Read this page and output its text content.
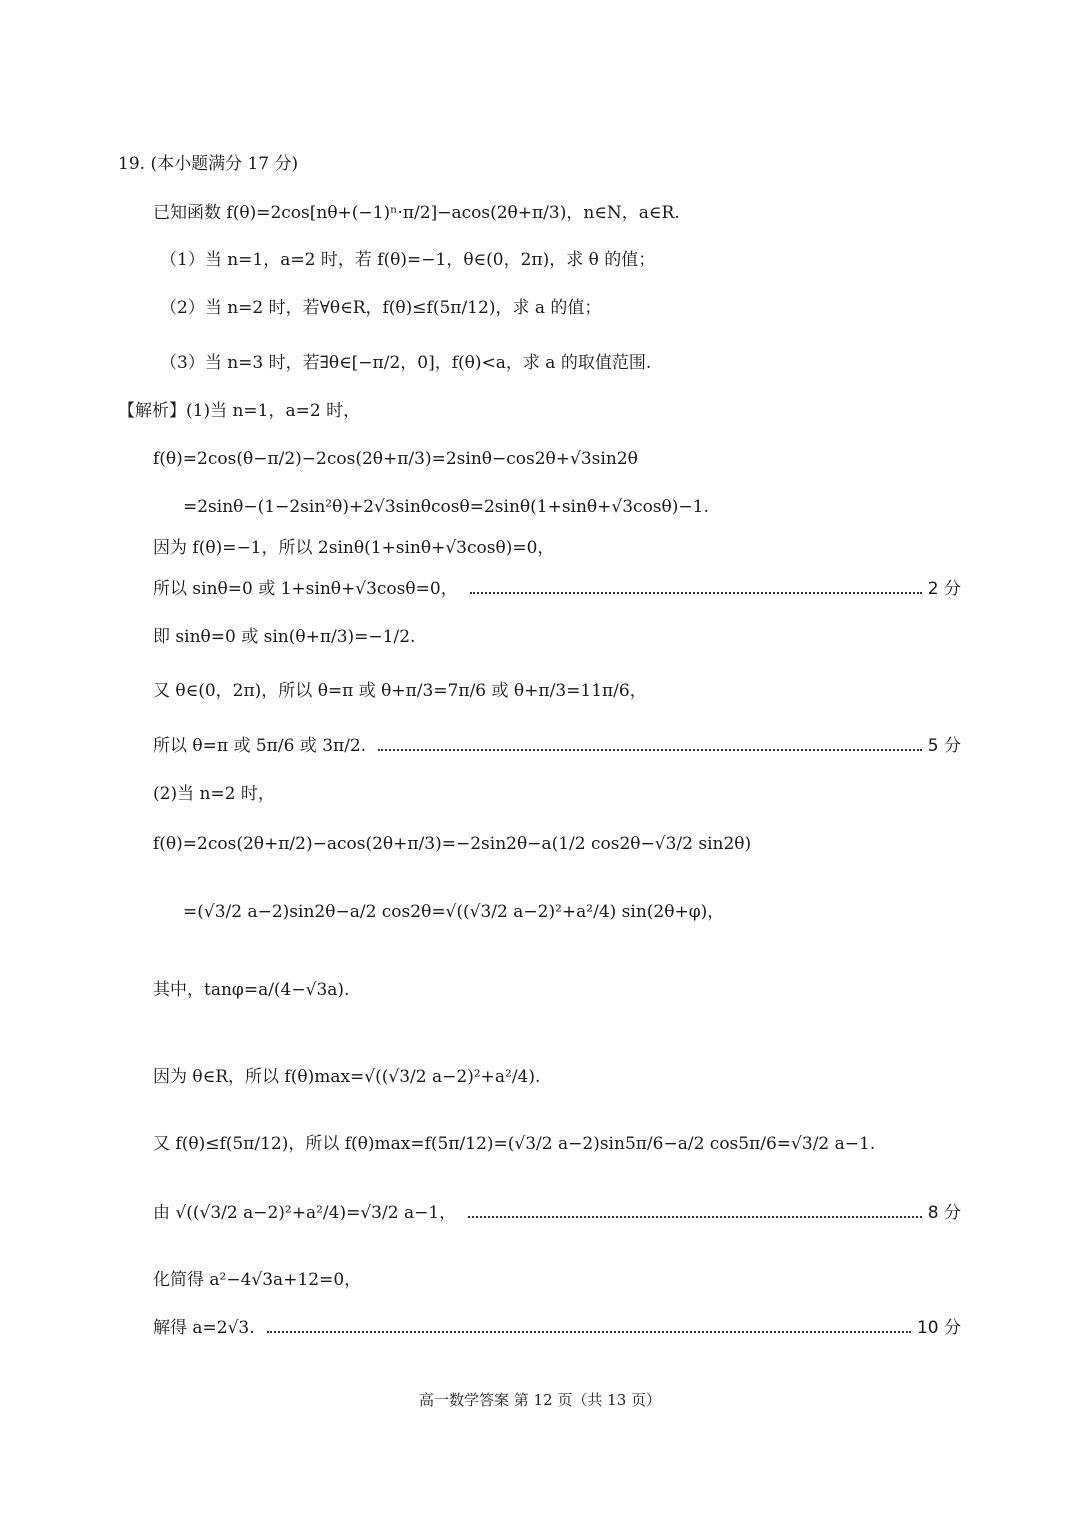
19. (本小题满分 17 分)
已知函数 f(θ)=2cos[nθ+(−1)ⁿ·π/2]−acos(2θ+π/3)，n∈N，a∈R.
（1）当 n=1，a=2 时，若 f(θ)=−1，θ∈(0，2π)，求 θ 的值；
（2）当 n=2 时，若∀θ∈R，f(θ)≤f(5π/12)，求 a 的值；
（3）当 n=3 时，若∃θ∈[−π/2，0]，f(θ)<a，求 a 的取值范围.
【解析】(1)当 n=1，a=2 时，
f(θ)=2cos(θ−π/2)−2cos(2θ+π/3)=2sinθ−cos2θ+√3sin2θ
=2sinθ−(1−2sin²θ)+2√3sinθcosθ=2sinθ(1+sinθ+√3cosθ)−1.
因为 f(θ)=−1，所以 2sinθ(1+sinθ+√3cosθ)=0，
所以 sinθ=0 或 1+sinθ+√3cosθ=0，	2 分
即 sinθ=0 或 sin(θ+π/3)=−1/2.
又 θ∈(0，2π)，所以 θ=π 或 θ+π/3=7π/6 或 θ+π/3=11π/6，
所以 θ=π 或 5π/6 或 3π/2.	5 分
(2)当 n=2 时，
f(θ)=2cos(2θ+π/2)−acos(2θ+π/3)=−2sin2θ−a(1/2 cos2θ−√3/2 sin2θ)
=(√3/2 a−2)sin2θ−a/2 cos2θ=√((√3/2 a−2)²+a²/4) sin(2θ+φ)，
其中，tanφ=a/(4−√3a).
因为 θ∈R，所以 f(θ)max=√((√3/2 a−2)²+a²/4).
又 f(θ)≤f(5π/12)，所以 f(θ)max=f(5π/12)=(√3/2 a−2)sin5π/6−a/2 cos5π/6=√3/2 a−1.
由 √((√3/2 a−2)²+a²/4)=√3/2 a−1，	8 分
化简得 a²−4√3a+12=0，
解得 a=2√3.	10 分
高一数学答案 第 12 页（共 13 页）
